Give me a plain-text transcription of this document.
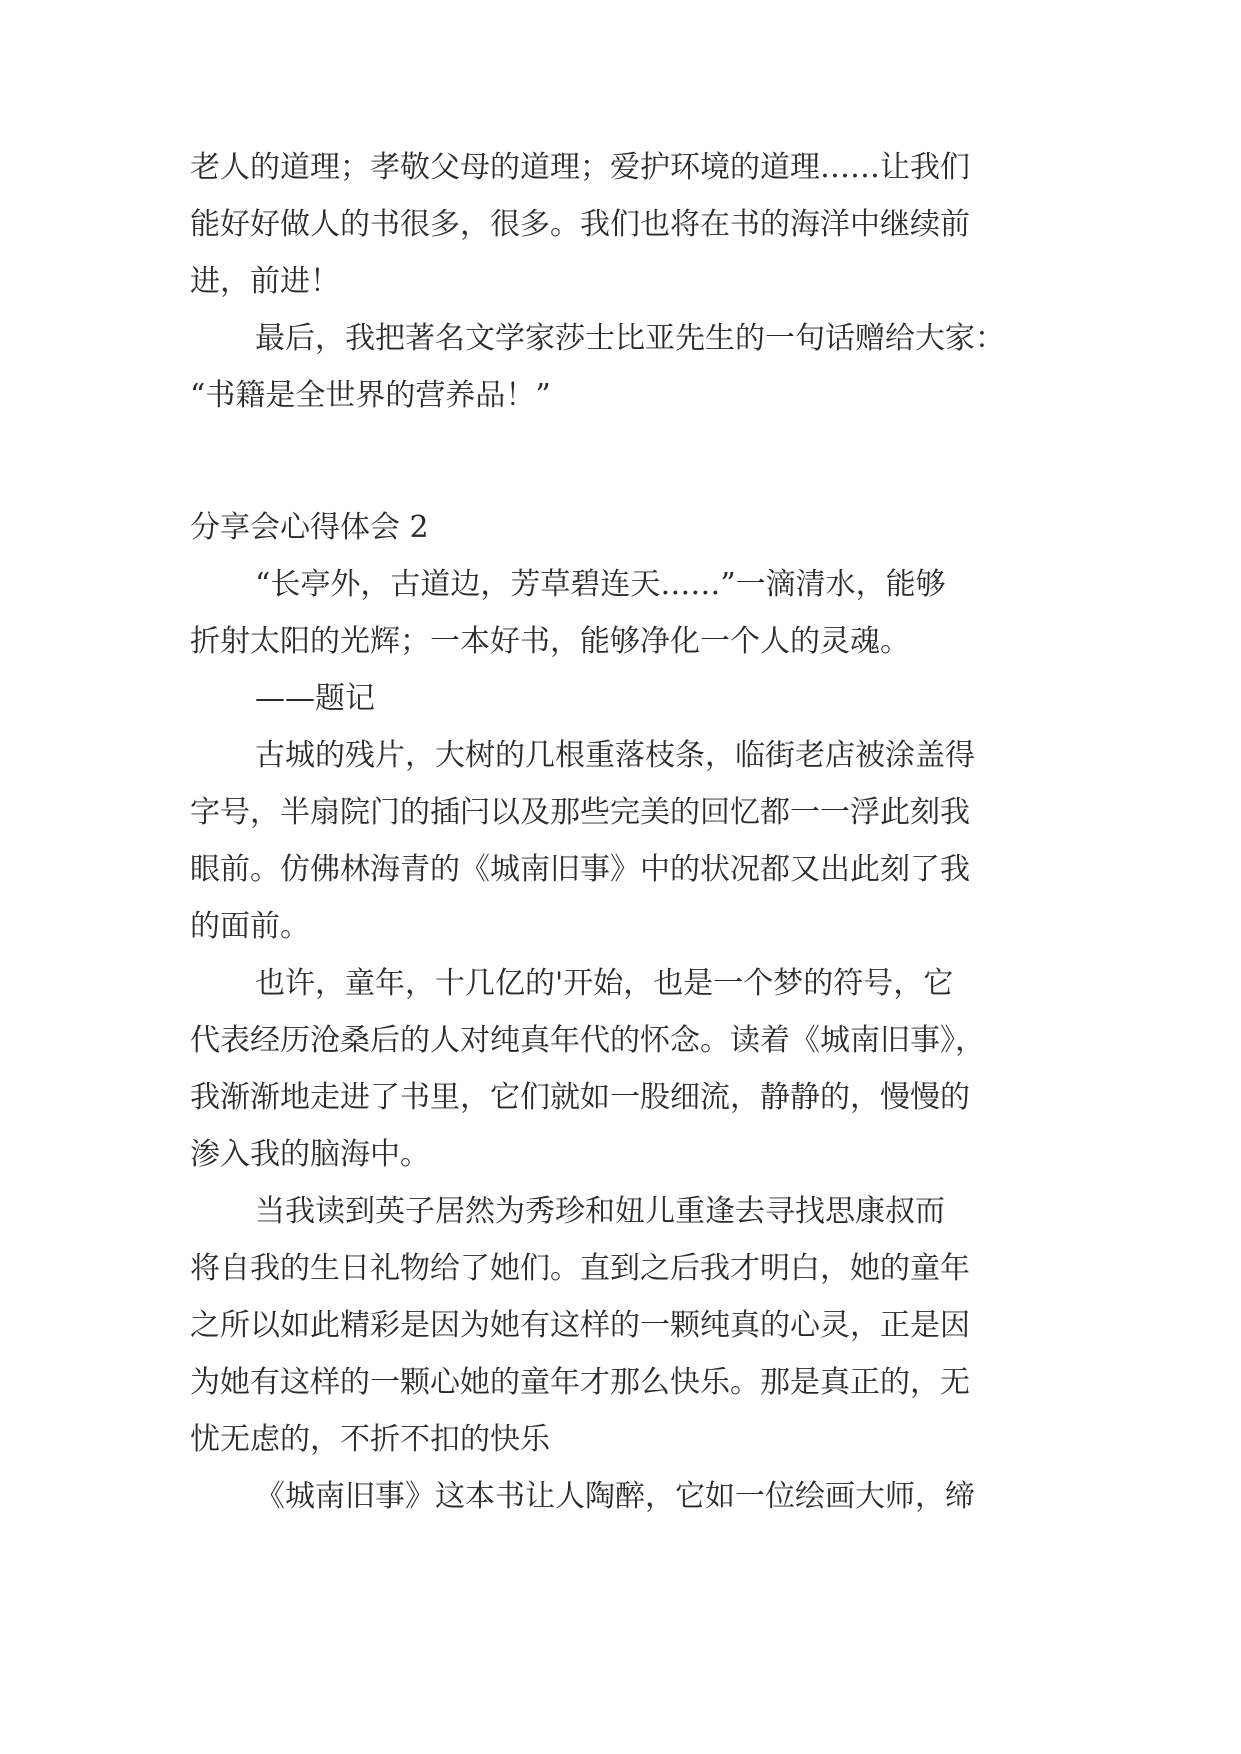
老人的道理；孝敬父母的道理；爱护环境的道理……让我们
能好好做人的书很多，很多。我们也将在书的海洋中继续前
进，前进！
最后，我把著名文学家莎士比亚先生的一句话赠给大家：
“书籍是全世界的营养品！”
分享会心得体会 2
“长亭外，古道边，芳草碧连天……”一滴清水，能够
折射太阳的光辉；一本好书，能够净化一个人的灵魂。
——题记
古城的残片，大树的几根重落枝条，临街老店被涂盖得
字号，半扇院门的插闩以及那些完美的回忆都一一浮此刻我
眼前。仿佛林海青的《城南旧事》中的状况都又出此刻了我
的面前。
也许，童年，十几亿的'开始，也是一个梦的符号，它
代表经历沧桑后的人对纯真年代的怀念。读着《城南旧事》，
我渐渐地走进了书里，它们就如一股细流，静静的，慢慢的
渗入我的脑海中。
当我读到英子居然为秀珍和妞儿重逢去寻找思康叔而
将自我的生日礼物给了她们。直到之后我才明白，她的童年
之所以如此精彩是因为她有这样的一颗纯真的心灵，正是因
为她有这样的一颗心她的童年才那么快乐。那是真正的，无
忧无虑的，不折不扣的快乐
《城南旧事》这本书让人陶醉，它如一位绘画大师，缔
